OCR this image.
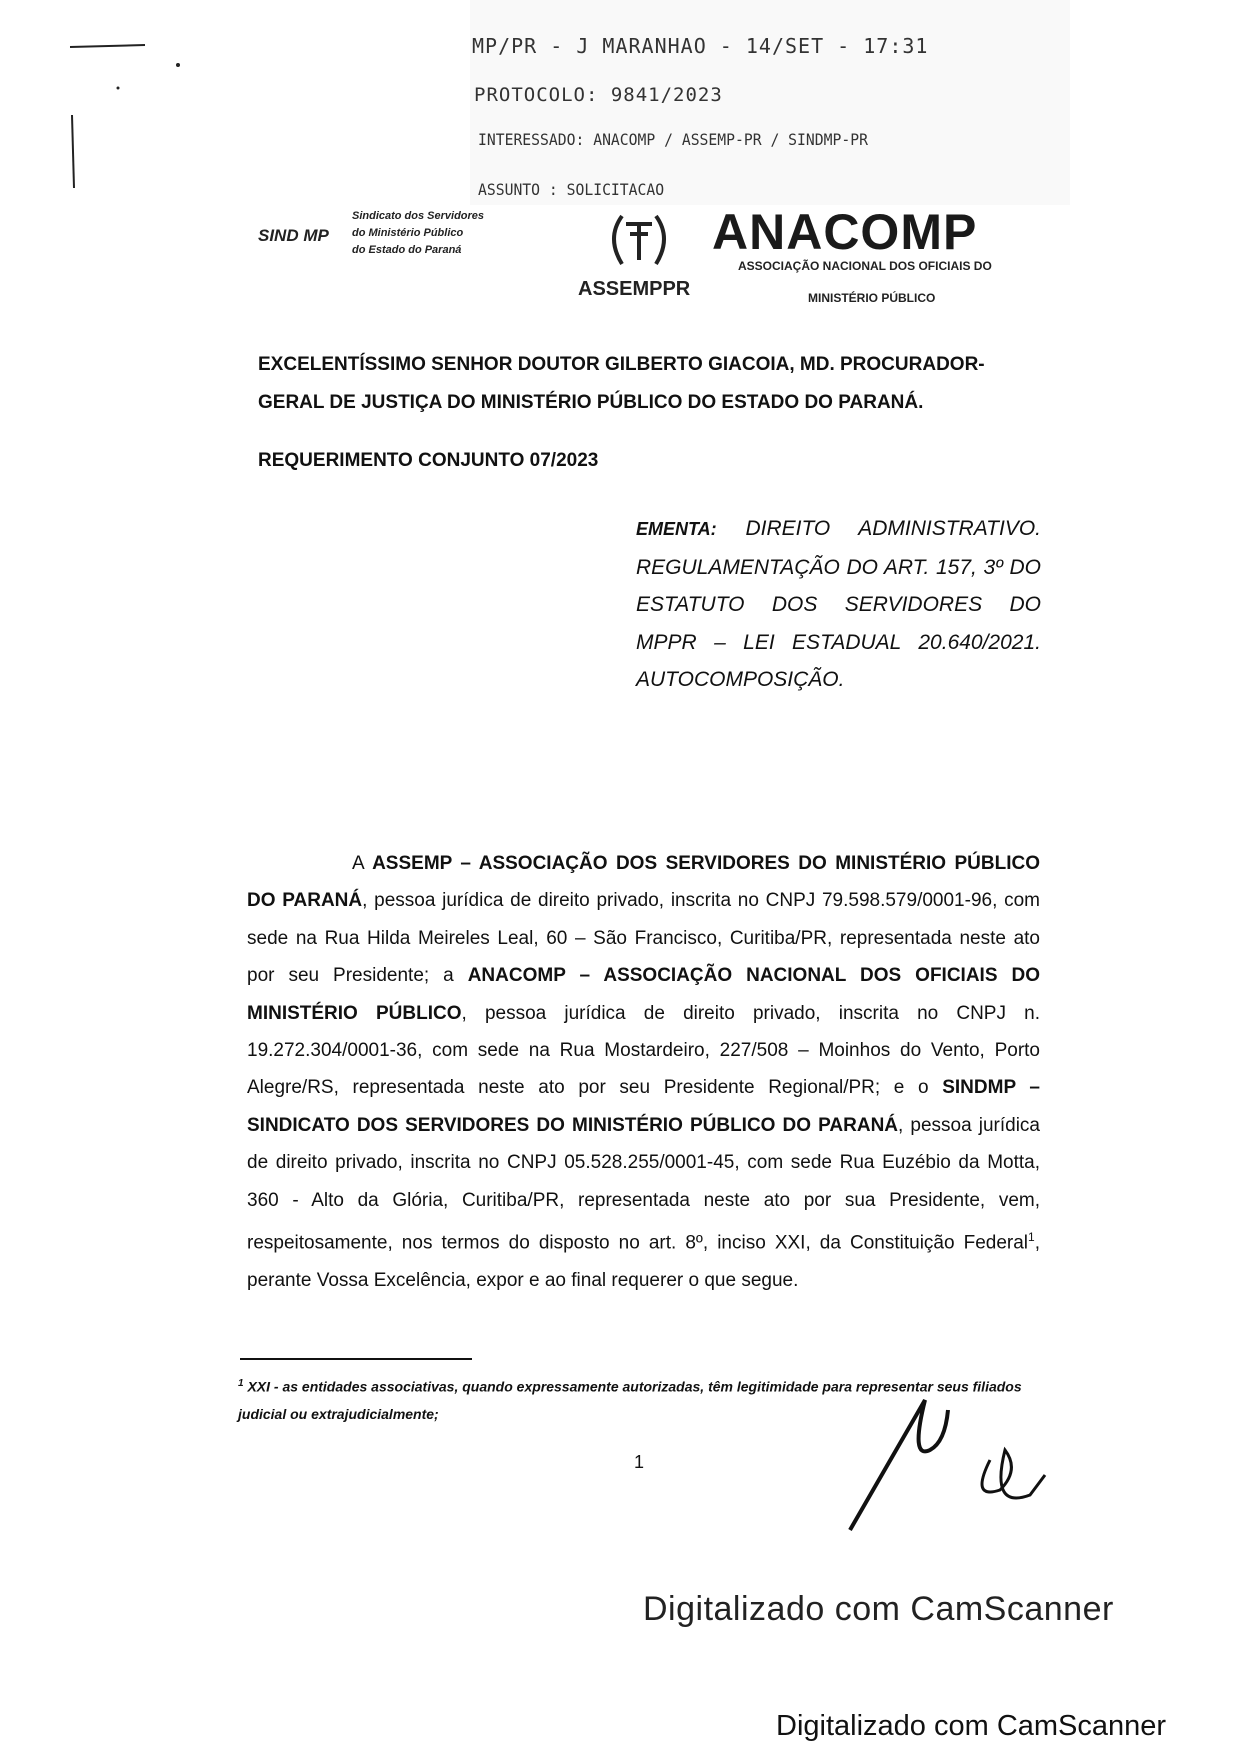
MP/PR - J MARANHAO - 14/SET - 17:31
PROTOCOLO: 9841/2023
INTERESSADO: ANACOMP / ASSEMP-PR / SINDMP-PR
ASSUNTO : SOLICITACAO
SIND MP
Sindicato dos Servidores
do Ministério Público
do Estado do Paraná
ASSEMPPR
ANACOMP
ASSOCIAÇÃO NACIONAL DOS OFICIAIS DO
MINISTÉRIO PÚBLICO
EXCELENTÍSSIMO SENHOR DOUTOR GILBERTO GIACOIA, MD. PROCURADOR-
GERAL DE JUSTIÇA DO MINISTÉRIO PÚBLICO DO ESTADO DO PARANÁ.
REQUERIMENTO CONJUNTO 07/2023
EMENTA: DIREITO ADMINISTRATIVO. REGULAMENTAÇÃO DO ART. 157, 3º DO ESTATUTO DOS SERVIDORES DO MPPR – LEI ESTADUAL 20.640/2021. AUTOCOMPOSIÇÃO.
A ASSEMP – ASSOCIAÇÃO DOS SERVIDORES DO MINISTÉRIO PÚBLICO DO PARANÁ, pessoa jurídica de direito privado, inscrita no CNPJ 79.598.579/0001-96, com sede na Rua Hilda Meireles Leal, 60 – São Francisco, Curitiba/PR, representada neste ato por seu Presidente; a ANACOMP – ASSOCIAÇÃO NACIONAL DOS OFICIAIS DO MINISTÉRIO PÚBLICO, pessoa jurídica de direito privado, inscrita no CNPJ n. 19.272.304/0001-36, com sede na Rua Mostardeiro, 227/508 – Moinhos do Vento, Porto Alegre/RS, representada neste ato por seu Presidente Regional/PR; e o SINDMP – SINDICATO DOS SERVIDORES DO MINISTÉRIO PÚBLICO DO PARANÁ, pessoa jurídica de direito privado, inscrita no CNPJ 05.528.255/0001-45, com sede Rua Euzébio da Motta, 360 - Alto da Glória, Curitiba/PR, representada neste ato por sua Presidente, vem, respeitosamente, nos termos do disposto no art. 8º, inciso XXI, da Constituição Federal$^1$, perante Vossa Excelência, expor e ao final requerer o que segue.
$^1$ XXI - as entidades associativas, quando expressamente autorizadas, têm legitimidade para representar seus filiados judicial ou extrajudicialmente;
1
Digitalizado com CamScanner
Digitalizado com CamScanner
